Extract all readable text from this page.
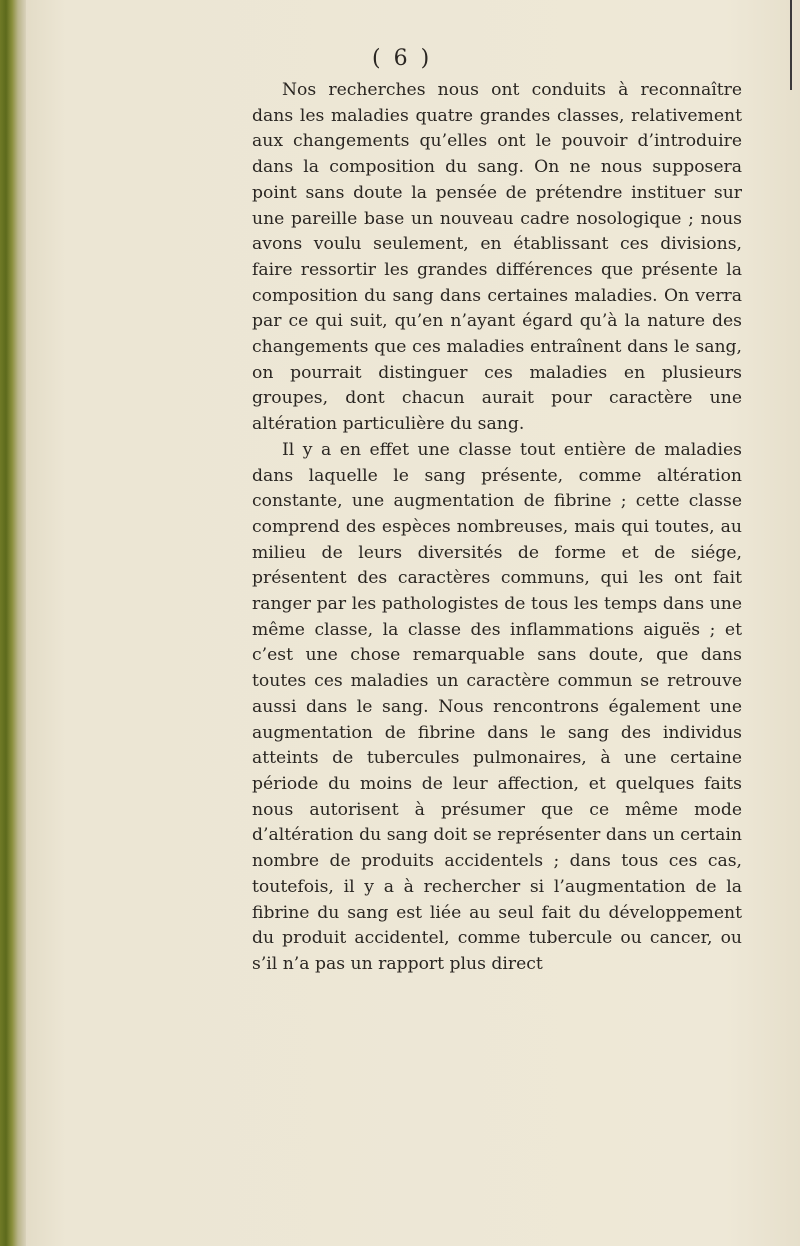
( 6 )

Nos recherches nous ont conduits à reconnaître dans les maladies quatre grandes classes, relativement aux changements qu’elles ont le pouvoir d’introduire dans la composition du sang. On ne nous supposera point sans doute la pensée de prétendre instituer sur une pareille base un nouveau cadre nosologique ; nous avons voulu seulement, en établissant ces divisions, faire ressortir les grandes différences que présente la composition du sang dans certaines maladies. On verra par ce qui suit, qu’en n’ayant égard qu’à la nature des changements que ces maladies entraînent dans le sang, on pourrait distinguer ces maladies en plusieurs groupes, dont chacun aurait pour caractère une altération particulière du sang.

Il y a en effet une classe tout entière de maladies dans laquelle le sang présente, comme altération constante, une augmentation de fibrine ; cette classe comprend des espèces nombreuses, mais qui toutes, au milieu de leurs diversités de forme et de siége, présentent des caractères communs, qui les ont fait ranger par les pathologistes de tous les temps dans une même classe, la classe des inflammations aiguës ; et c’est une chose remarquable sans doute, que dans toutes ces maladies un caractère commun se retrouve aussi dans le sang. Nous rencontrons également une augmentation de fibrine dans le sang des individus atteints de tubercules pulmonaires, à une certaine période du moins de leur affection, et quelques faits nous autorisent à présumer que ce même mode d’altération du sang doit se représenter dans un certain nombre de produits accidentels ; dans tous ces cas, toutefois, il y a à rechercher si l’augmentation de la fibrine du sang est liée au seul fait du développement du produit accidentel, comme tubercule ou cancer, ou s’il n’a pas un rapport plus direct
